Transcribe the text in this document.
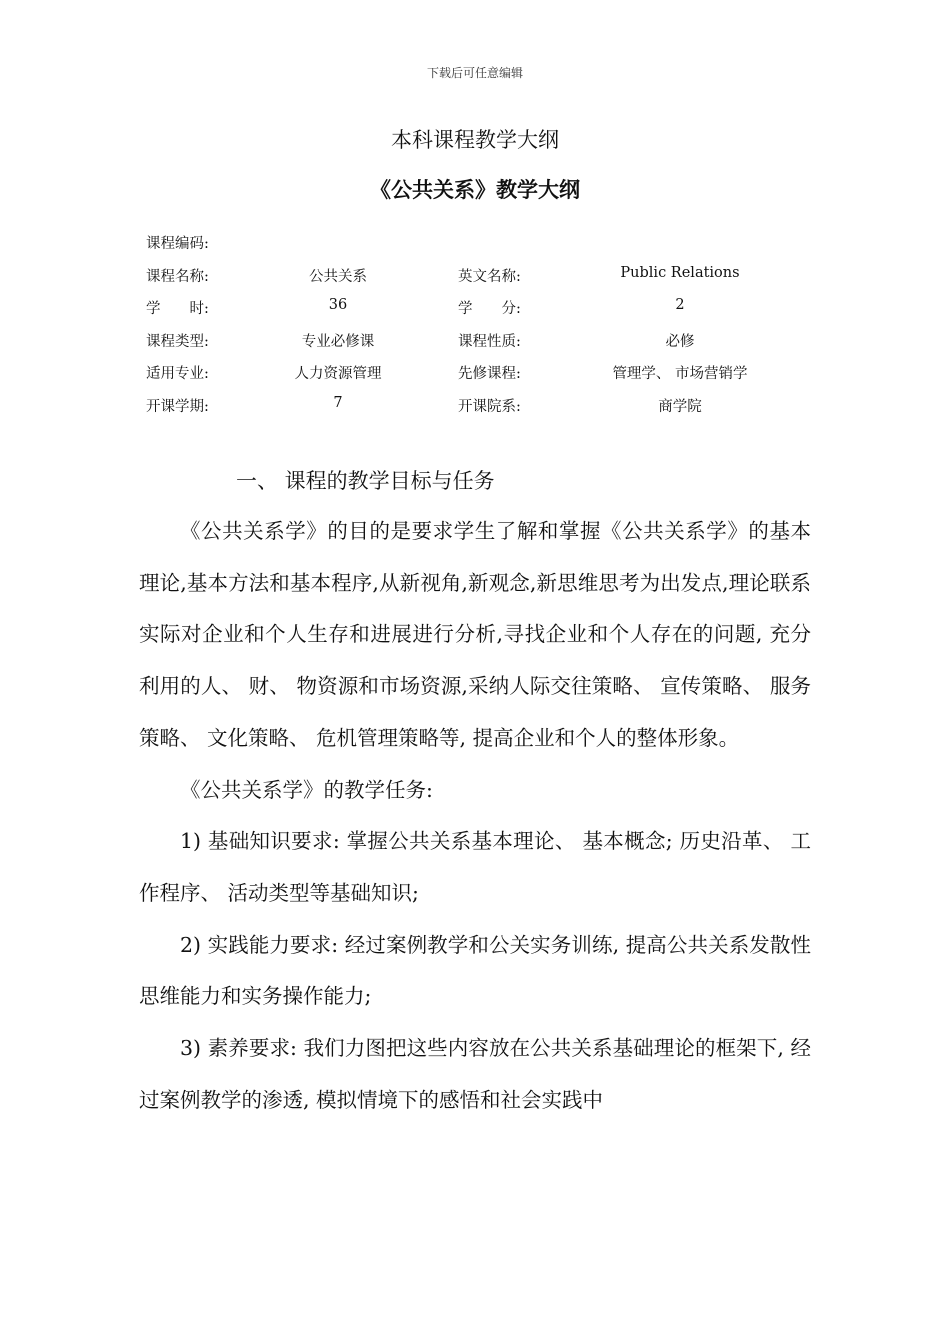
下载后可任意编辑
本科课程教学大纲
《公共关系》教学大纲
课程编码:
课程名称:	公共关系	英文名称:	Public Relations
学　　时:	36	学　　分:	2
课程类型:	专业必修课	课程性质:	必修
适用专业:	人力资源管理	先修课程:	管理学、 市场营销学
开课学期:	7	开课院系:	商学院
一、 课程的教学目标与任务

《公共关系学》的目的是要求学生了解和掌握《公共关系学》的基本理论,基本方法和基本程序,从新视角,新观念,新思维思考为出发点,理论联系实际对企业和个人生存和进展进行分析,寻找企业和个人存在的问题, 充分利用的人、 财、 物资源和市场资源,采纳人际交往策略、 宣传策略、 服务策略、 文化策略、 危机管理策略等, 提高企业和个人的整体形象。

《公共关系学》的教学任务:

1) 基础知识要求: 掌握公共关系基本理论、 基本概念; 历史沿革、 工作程序、 活动类型等基础知识;

2) 实践能力要求: 经过案例教学和公关实务训练, 提高公共关系发散性思维能力和实务操作能力;

3) 素养要求: 我们力图把这些内容放在公共关系基础理论的框架下, 经过案例教学的渗透, 模拟情境下的感悟和社会实践中
